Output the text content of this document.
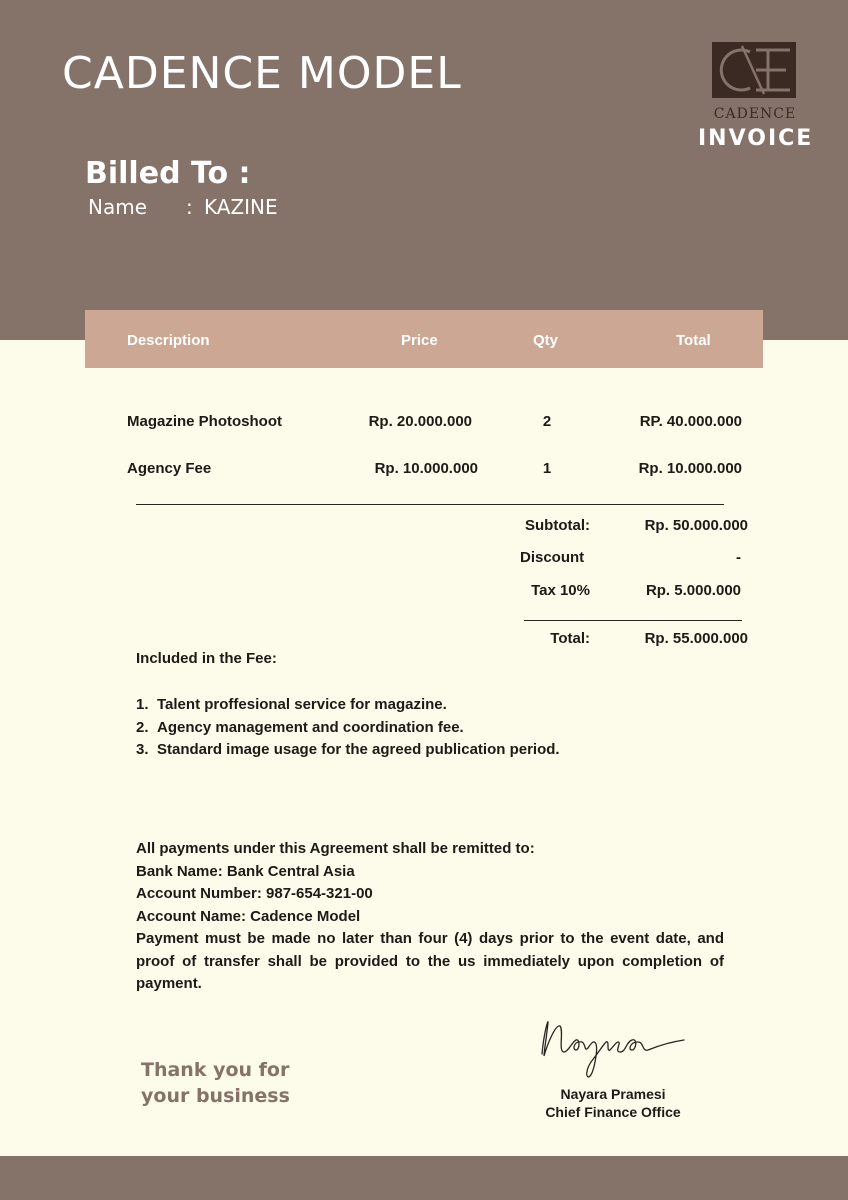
CADENCE MODEL
CADENCE
INVOICE
Billed To :
Name : KAZINE
Description	Price	Qty	Total
Magazine Photoshoot	Rp. 20.000.000	2	RP. 40.000.000
Agency Fee	Rp. 10.000.000	1	Rp. 10.000.000
Subtotal:	Rp. 50.000.000
Discount	-
Tax 10%	Rp. 5.000.000
Total:	Rp. 55.000.000
Included in the Fee:
1. Talent proffesional service for magazine.
2. Agency management and coordination fee.
3. Standard image usage for the agreed publication period.

All payments under this Agreement shall be remitted to:

Bank Name: Bank Central Asia

Account Number: 987-654-321-00

Account Name: Cadence Model

Payment must be made no later than four (4) days prior to the event date, and proof of transfer shall be provided to the us immediately upon completion of payment.

Thank you for
your business	Nayara Pramesi
Chief Finance Office
